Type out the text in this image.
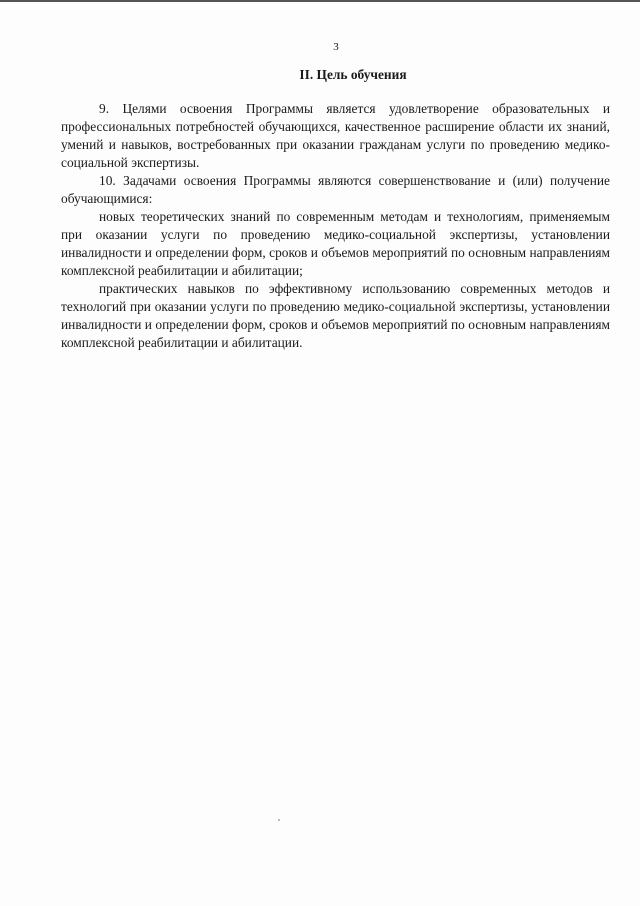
3
II. Цель обучения

9. Целями освоения Программы является удовлетворение образовательных и профессиональных потребностей обучающихся, качественное расширение области их знаний, умений и навыков, востребованных при оказании гражданам услуги по проведению медико-социальной экспертизы.

10. Задачами освоения Программы являются совершенствование и (или) получение обучающимися:

новых теоретических знаний по современным методам и технологиям, применяемым при оказании услуги по проведению медико-социальной экспертизы, установлении инвалидности и определении форм, сроков и объемов мероприятий по основным направлениям комплексной реабилитации и абилитации;

практических навыков по эффективному использованию современных методов и технологий при оказании услуги по проведению медико-социальной экспертизы, установлении инвалидности и определении форм, сроков и объемов мероприятий по основным направлениям комплексной реабилитации и абилитации.
